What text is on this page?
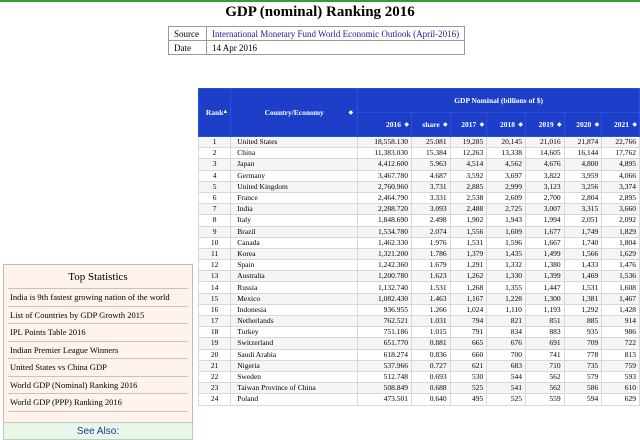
GDP (nominal) Ranking 2016
Source	International Monetary Fund World Economic Outlook (April-2016)
Date	14 Apr 2016
Top Statistics
India is 9th fastest growing nation of the world
List of Countries by GDP Growth 2015
IPL Points Table 2016
Indian Premier League Winners
United States vs China GDP
World GDP (Nominal) Ranking 2016
World GDP (PPP) Ranking 2016
See Also:
Rank
▲	Country/Economy ◆	GDP Nominal (billions of $)						
		2016 ◆	share ◆	2017 ◆	2018 ◆	2019 ◆	2020 ◆	2021 ◆

1	United States	18,558.130	25.081	19,285	20,145	21,016	21,874	22,766
2	China	11,383.030	15.384	12,263	13,338	14,605	16,144	17,762
3	Japan	4,412.600	5.963	4,514	4,562	4,676	4,800	4,895
4	Germany	3,467.780	4.687	3,592	3,697	3,822	3,959	4,066
5	United Kingdom	2,760.960	3.731	2,885	2,999	3,123	3,256	3,374
6	France	2,464.790	3.331	2,538	2,609	2,700	2,804	2,895
7	India	2,288.720	3.093	2,488	2,725	3,007	3,315	3,660
8	Italy	1,848.690	2.498	1,902	1,943	1,994	2,051	2,092
9	Brazil	1,534.780	2.074	1,556	1,609	1,677	1,749	1,829
10	Canada	1,462.330	1.976	1,531	1,596	1,667	1,740	1,804
11	Korea	1,321.200	1.786	1,379	1,435	1,499	1,566	1,629
12	Spain	1,242.360	1.679	1,291	1,332	1,380	1,433	1,476
13	Australia	1,200.780	1.623	1,262	1,330	1,399	1,469	1,536
14	Russia	1,132.740	1.531	1,268	1,355	1,447	1,531	1,608
15	Mexico	1,082.430	1.463	1,167	1,228	1,300	1,381	1,467
16	Indonesia	936.955	1.266	1,024	1,110	1,193	1,292	1,428
17	Netherlands	762.521	1.031	794	821	851	885	914
18	Turkey	751.186	1.015	791	834	883	935	986
19	Switzerland	651.770	0.881	665	676	691	709	722
20	Saudi Arabia	618.274	0.836	660	700	741	778	813
21	Nigeria	537.966	0.727	621	683	710	735	759
22	Sweden	512.748	0.693	530	544	562	579	593
23	Taiwan Province of China	508.849	0.688	525	541	562	586	610
24	Poland	473.501	0.640	495	525	559	594	629
